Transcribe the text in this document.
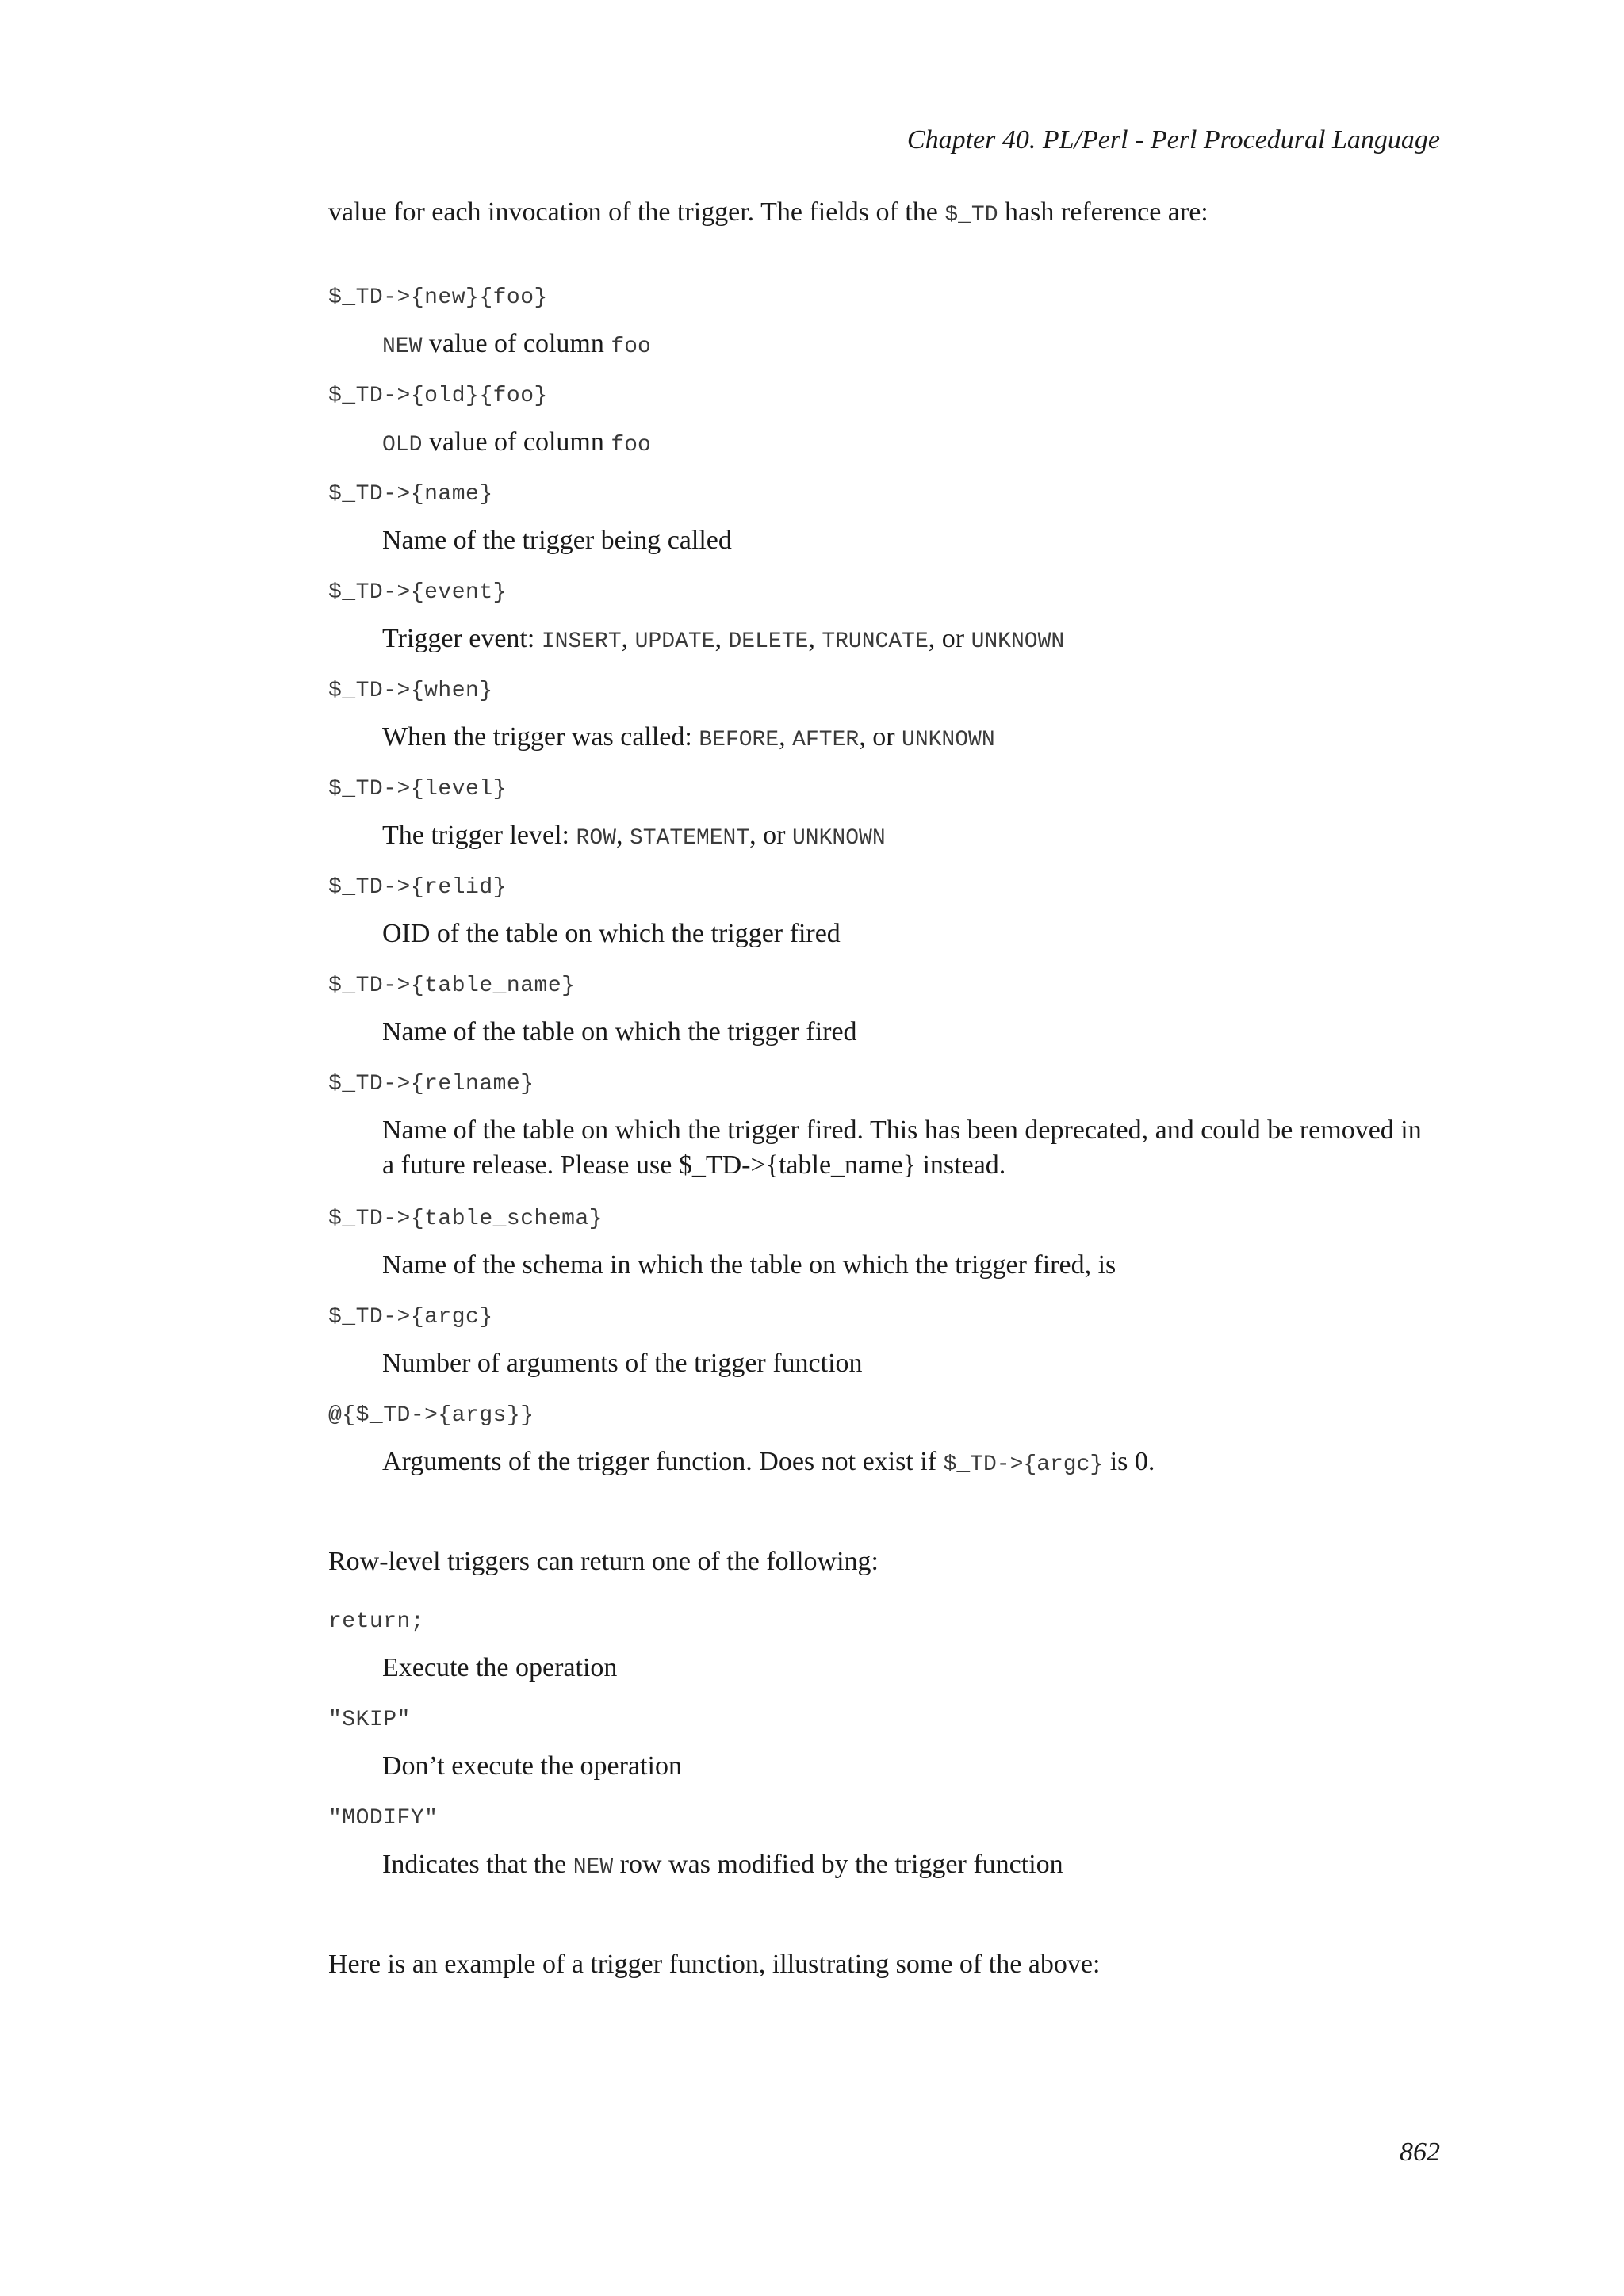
Chapter 40. PL/Perl - Perl Procedural Language
value for each invocation of the trigger. The fields of the $_TD hash reference are:
$_TD->{new}{foo}
NEW value of column foo
$_TD->{old}{foo}
OLD value of column foo
$_TD->{name}
Name of the trigger being called
$_TD->{event}
Trigger event: INSERT, UPDATE, DELETE, TRUNCATE, or UNKNOWN
$_TD->{when}
When the trigger was called: BEFORE, AFTER, or UNKNOWN
$_TD->{level}
The trigger level: ROW, STATEMENT, or UNKNOWN
$_TD->{relid}
OID of the table on which the trigger fired
$_TD->{table_name}
Name of the table on which the trigger fired
$_TD->{relname}
Name of the table on which the trigger fired. This has been deprecated, and could be removed in a future release. Please use $_TD->{table_name} instead.
$_TD->{table_schema}
Name of the schema in which the table on which the trigger fired, is
$_TD->{argc}
Number of arguments of the trigger function
@{$_TD->{args}}
Arguments of the trigger function. Does not exist if $_TD->{argc} is 0.
Row-level triggers can return one of the following:
return;
Execute the operation
"SKIP"
Don’t execute the operation
"MODIFY"
Indicates that the NEW row was modified by the trigger function
Here is an example of a trigger function, illustrating some of the above:
862
